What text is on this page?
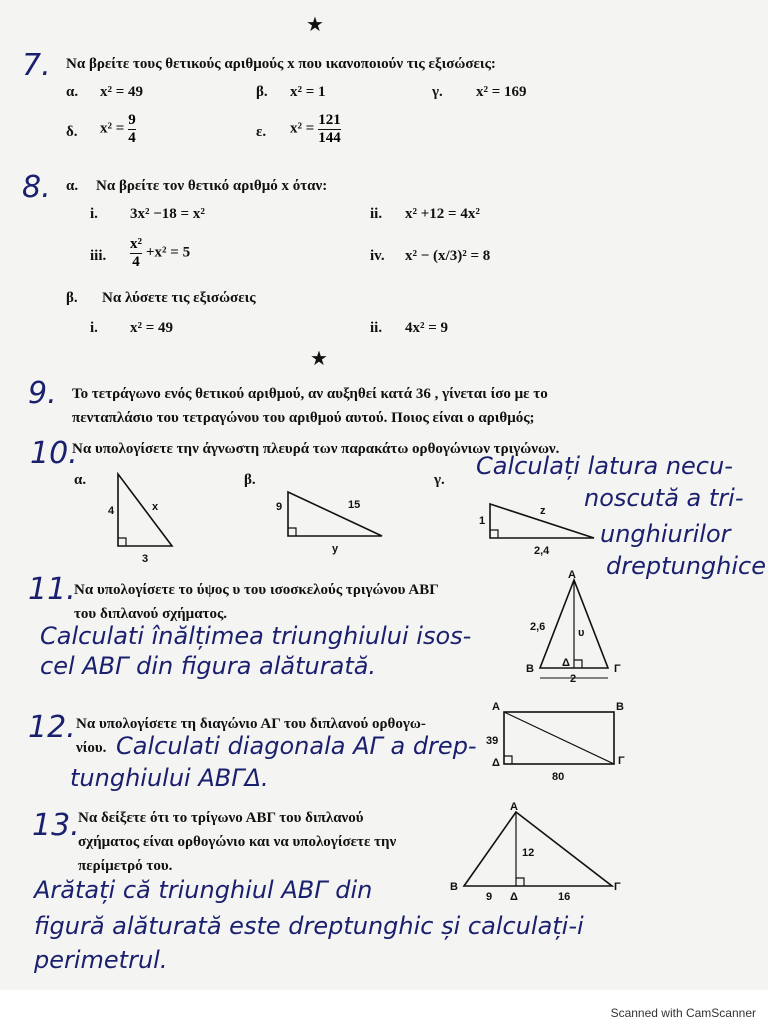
★
7. Να βρείτε τους θετικούς αριθμούς x που ικανοποιούν τις εξισώσεις:
α. x² = 49	β. x² = 1	γ. x² = 169
δ. $x^2 = \frac{9}{4}$	ε. $x^2 = \frac{121}{144}$
8. α. Να βρείτε τον θετικό αριθμό x όταν:
i. 3x² −18 = x²	ii. x² +12 = 4x²
iii. $\frac{\text{x²}}{4} +x^2 = 5$	iv. x² − (x/3)² = 8
β. Να λύσετε τις εξισώσεις
i. x² = 49	ii. 4x² = 9
★
9. Το τετράγωνο ενός θετικού αριθμού, αν αυξηθεί κατά 36 , γίνεται ίσο με το
πενταπλάσιο του τετραγώνου του αριθμού αυτού. Ποιος είναι ο αριθμός;
10.
Να υπολογίσετε την άγνωστη πλευρά των παρακάτω ορθογώνιων τριγώνων.
α.	β.	γ.
4	x
3
9	15
y
1
z
2,4
Calculați latura necu-
noscută a tri-
unghiurilor
dreptunghice
11.
Να υπολογίσετε το ύψος υ του ισοσκελούς τριγώνου ΑΒΓ
του διπλανού σχήματος.
Calculati înălțimea triunghiului isos-
cel ABΓ din figura alăturată.
A
B	Γ
Δ
2,6	υ
2
12. Να υπολογίσετε τη διαγώνιο ΑΓ του διπλανού ορθογω-
νίου. Calculati diagonala AΓ a drep-
tunghiului ABΓΔ.
A	B
Γ
Δ
39
80
13.
Να δείξετε ότι το τρίγωνο ΑΒΓ του διπλανού
σχήματος είναι ορθογώνιο και να υπολογίσετε την
περίμετρό του.
Arătați că triunghiul ABΓ din
figură alăturată este dreptunghic și calculați-i
perimetrul.
A
B	Γ
Δ
12
9	16
Scanned with CamScanner
